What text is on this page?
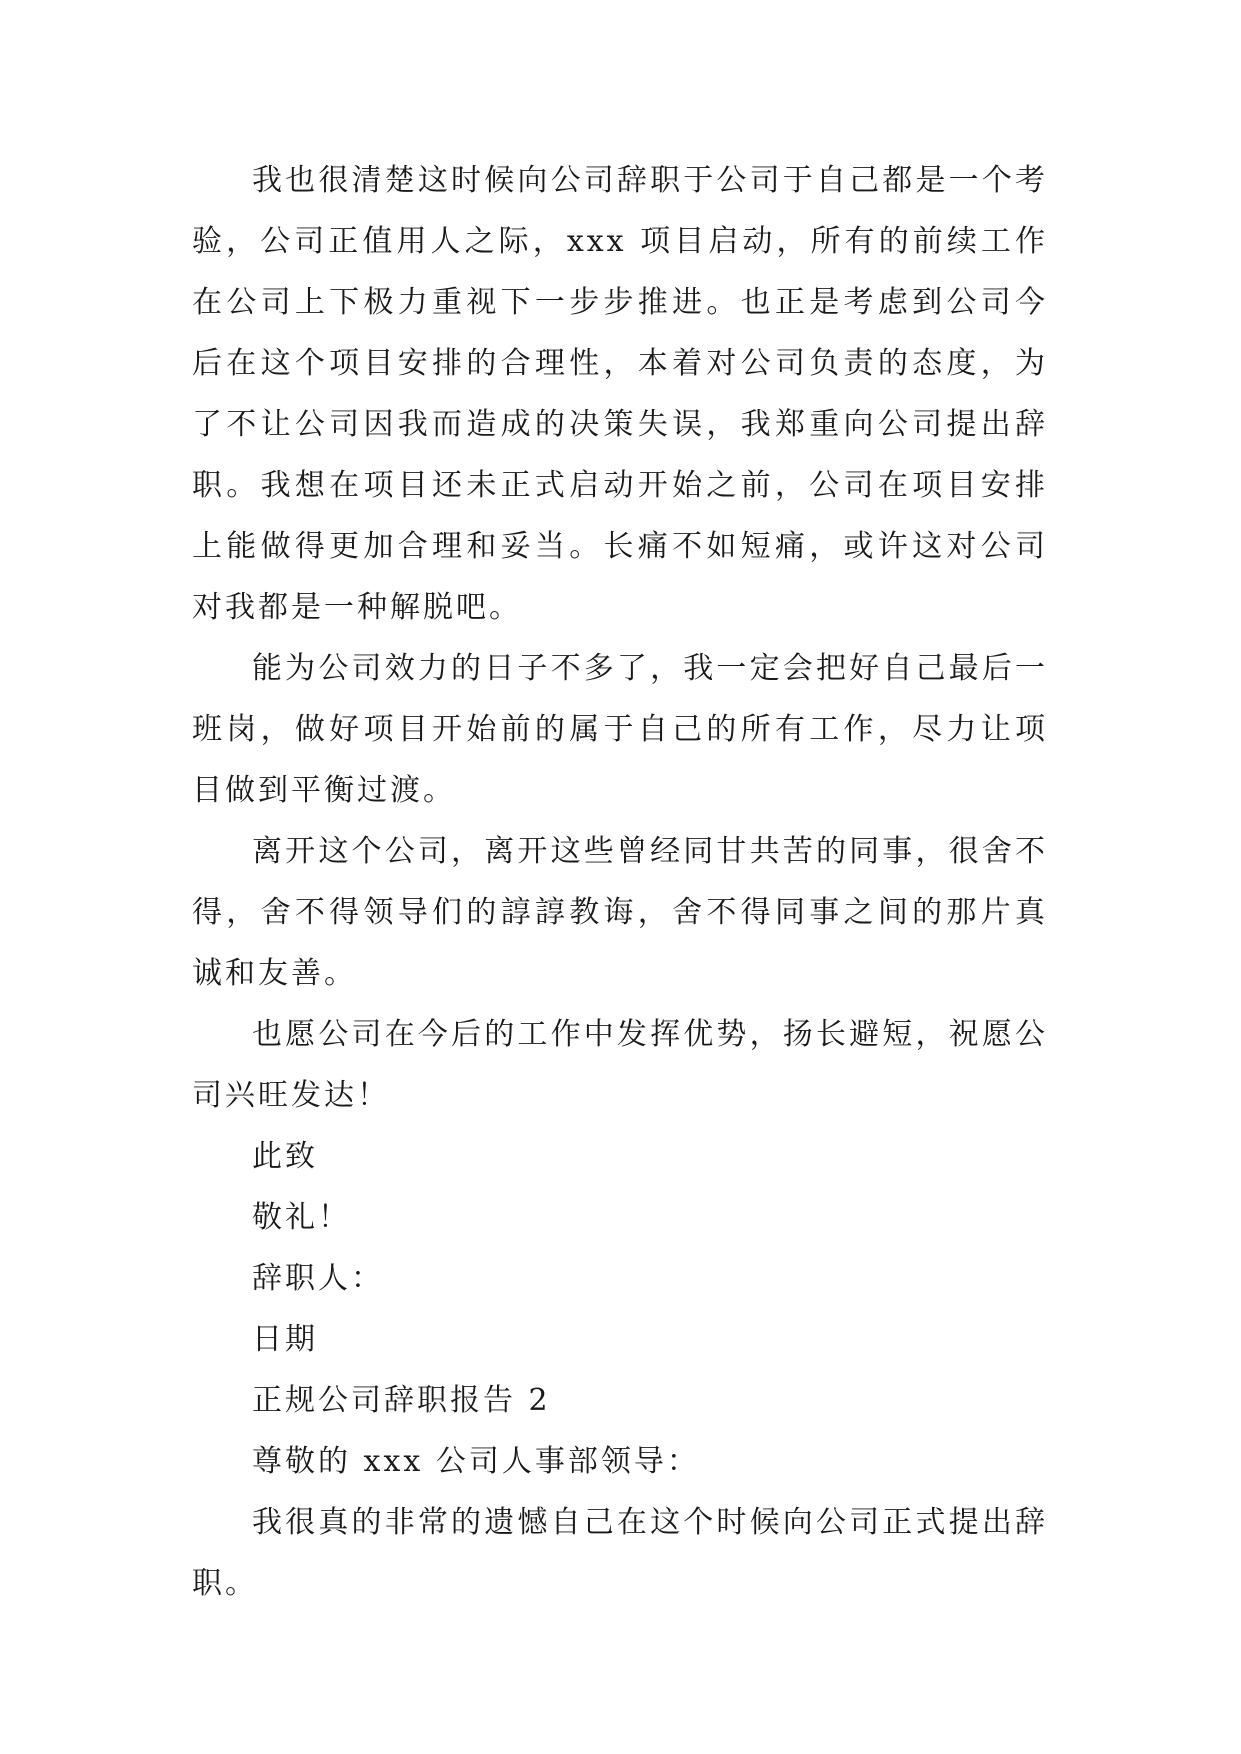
我也很清楚这时候向公司辞职于公司于自己都是一个考验，公司正值用人之际，xxx 项目启动，所有的前续工作在公司上下极力重视下一步步推进。也正是考虑到公司今后在这个项目安排的合理性，本着对公司负责的态度，为了不让公司因我而造成的决策失误，我郑重向公司提出辞职。我想在项目还未正式启动开始之前，公司在项目安排上能做得更加合理和妥当。长痛不如短痛，或许这对公司对我都是一种解脱吧。

能为公司效力的日子不多了，我一定会把好自己最后一班岗，做好项目开始前的属于自己的所有工作，尽力让项目做到平衡过渡。

离开这个公司，离开这些曾经同甘共苦的同事，很舍不得，舍不得领导们的諄諄教诲，舍不得同事之间的那片真诚和友善。

也愿公司在今后的工作中发挥优势，扬长避短，祝愿公司兴旺发达！

此致

敬礼！

辞职人：

日期

正规公司辞职报告 2

尊敬的 xxx 公司人事部领导：

我很真的非常的遗憾自己在这个时候向公司正式提出辞职。
